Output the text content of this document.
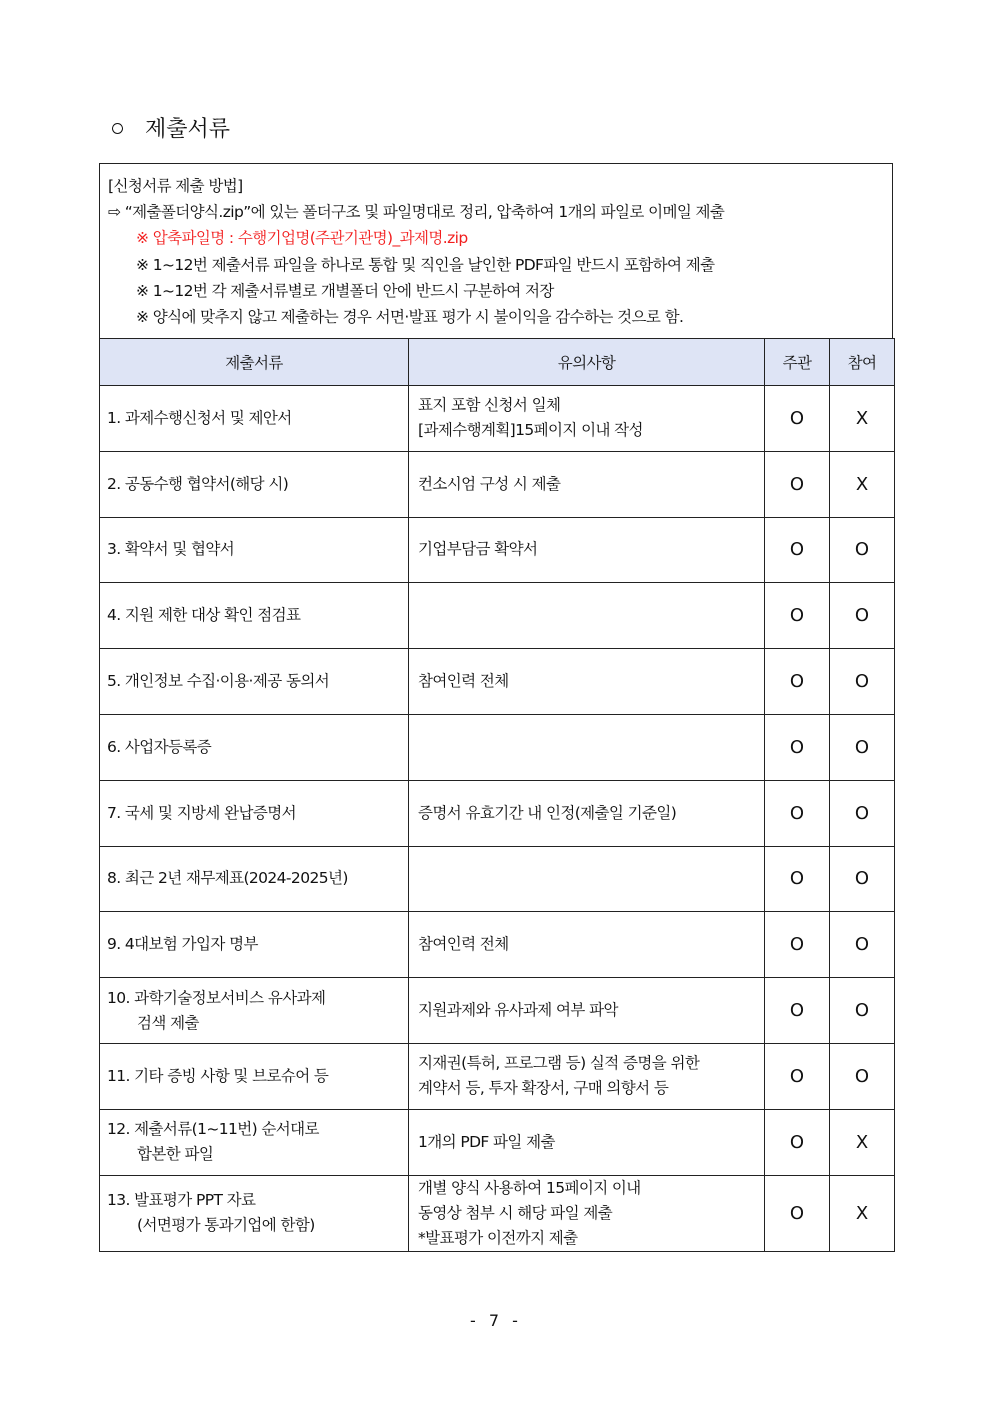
제출서류
[신청서류 제출 방법]
⇨ “제출폴더양식.zip”에 있는 폴더구조 및 파일명대로 정리, 압축하여 1개의 파일로 이메일 제출
※ 압축파일명 : 수행기업명(주관기관명)_과제명.zip
※ 1~12번 제출서류 파일을 하나로 통합 및 직인을 날인한 PDF파일 반드시 포함하여 제출
※ 1~12번 각 제출서류별로 개별폴더 안에 반드시 구분하여 저장
※ 양식에 맞추지 않고 제출하는 경우 서면·발표 평가 시 불이익을 감수하는 것으로 함.
제출서류	유의사항	주관	참여

1. 과제수행신청서 및 제안서	표지 포함 신청서 일체
[과제수행계획]15페이지 이내 작성	O	X

2. 공동수행 협약서(해당 시)	컨소시엄 구성 시 제출	O	X

3. 확약서 및 협약서	기업부담금 확약서	O	O

4. 지원 제한 대상 확인 점검표		O	O

5. 개인정보 수집·이용·제공 동의서	참여인력 전체	O	O

6. 사업자등록증		O	O

7. 국세 및 지방세 완납증명서	증명서 유효기간 내 인정(제출일 기준일)	O	O

8. 최근 2년 재무제표(2024-2025년)		O	O

9. 4대보험 가입자 명부	참여인력 전체	O	O

10. 과학기술정보서비스 유사과제
검색 제출	지원과제와 유사과제 여부 파악	O	O

11. 기타 증빙 사항 및 브로슈어 등	지재권(특허, 프로그램 등) 실적 증명을 위한
계약서 등, 투자 확장서, 구매 의향서 등	O	O

12. 제출서류(1~11번) 순서대로
합본한 파일	1개의 PDF 파일 제출	O	X

13. 발표평가 PPT 자료
(서면평가 통과기업에 한함)	개별 양식 사용하여 15페이지 이내
동영상 첨부 시 해당 파일 제출
*발표평가 이전까지 제출	O	X
- 7 -
